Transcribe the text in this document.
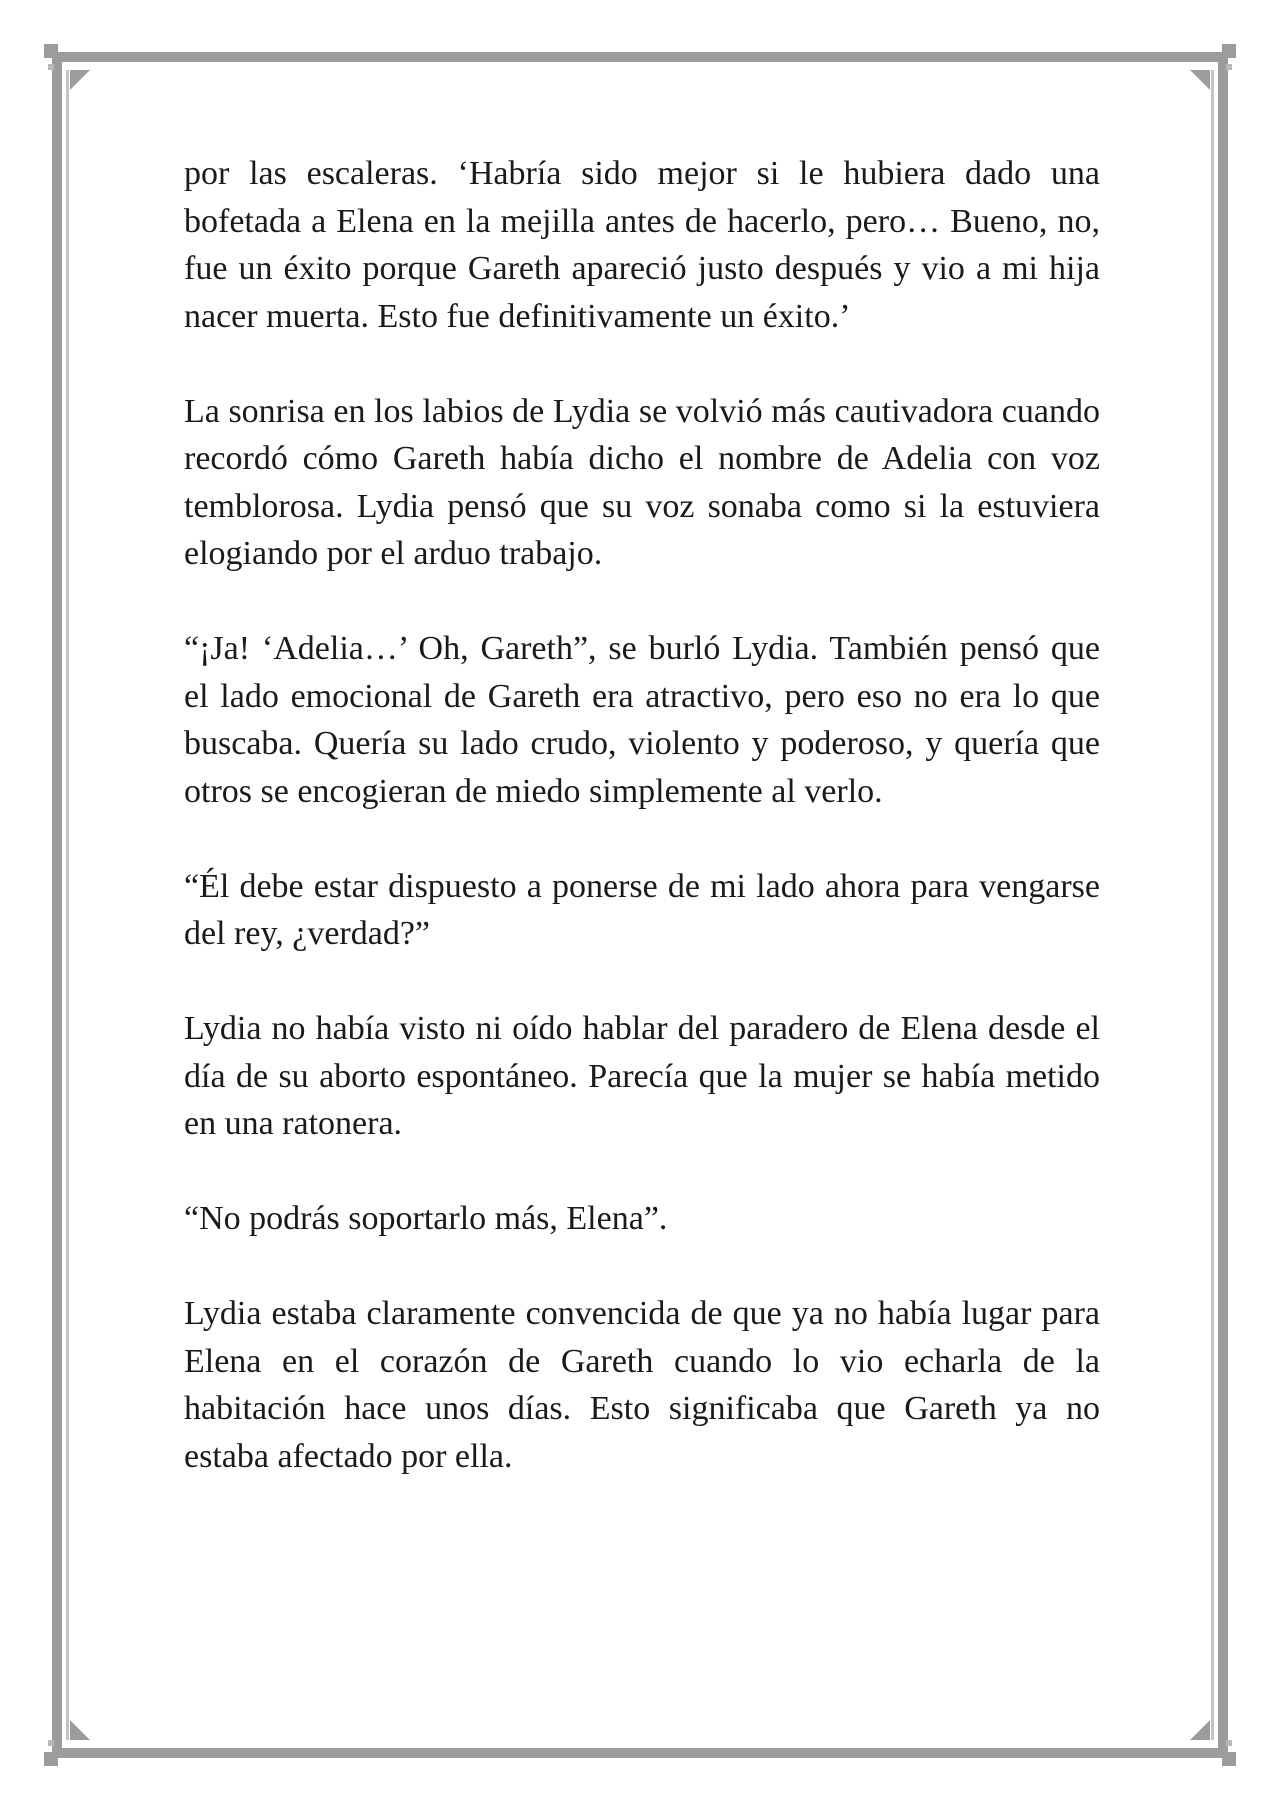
por las escaleras. ‘Habría sido mejor si le hubiera dado una bofetada a Elena en la mejilla antes de hacerlo, pero… Bueno, no, fue un éxito porque Gareth apareció justo después y vio a mi hija nacer muerta. Esto fue definitivamente un éxito.’

La sonrisa en los labios de Lydia se volvió más cautivadora cuando recordó cómo Gareth había dicho el nombre de Adelia con voz temblorosa. Lydia pensó que su voz sonaba como si la estuviera elogiando por el arduo trabajo.

“¡Ja! ‘Adelia…’ Oh, Gareth”, se burló Lydia. También pensó que el lado emocional de Gareth era atractivo, pero eso no era lo que buscaba. Quería su lado crudo, violento y poderoso, y quería que otros se encogieran de miedo simplemente al verlo.

“Él debe estar dispuesto a ponerse de mi lado ahora para vengarse del rey, ¿verdad?”

Lydia no había visto ni oído hablar del paradero de Elena desde el día de su aborto espontáneo. Parecía que la mujer se había metido en una ratonera.

“No podrás soportarlo más, Elena”.

Lydia estaba claramente convencida de que ya no había lugar para Elena en el corazón de Gareth cuando lo vio echarla de la habitación hace unos días. Esto significaba que Gareth ya no estaba afectado por ella.
